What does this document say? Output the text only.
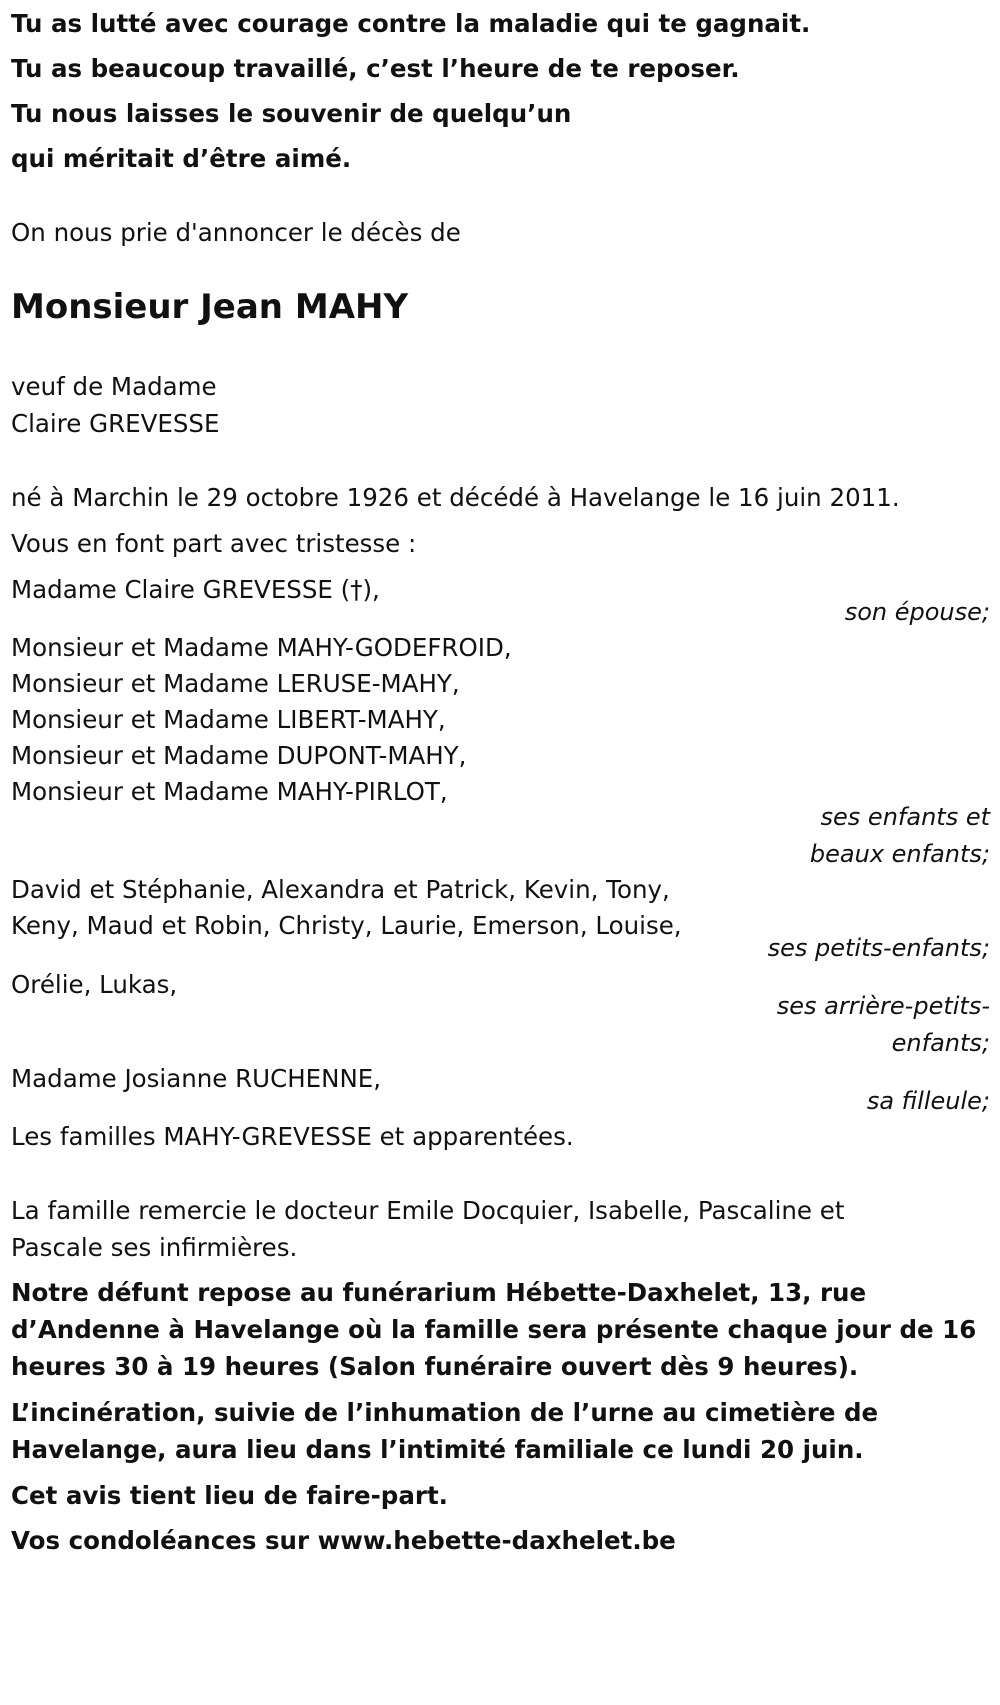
Tu as lutté avec courage contre la maladie qui te gagnait.
Tu as beaucoup travaillé, c’est l’heure de te reposer.
Tu nous laisses le souvenir de quelqu’un
qui méritait d’être aimé.
On nous prie d'annoncer le décès de
Monsieur Jean MAHY
veuf de Madame
Claire GREVESSE
né à Marchin le 29 octobre 1926 et décédé à Havelange le 16 juin 2011.
Vous en font part avec tristesse :
Madame Claire GREVESSE (†),
son épouse;
Monsieur et Madame MAHY-GODEFROID,
Monsieur et Madame LERUSE-MAHY,
Monsieur et Madame LIBERT-MAHY,
Monsieur et Madame DUPONT-MAHY,
Monsieur et Madame MAHY-PIRLOT,
ses enfants et
beaux enfants;
David et Stéphanie, Alexandra et Patrick, Kevin, Tony,
Keny, Maud et Robin, Christy, Laurie, Emerson, Louise,
ses petits-enfants;
Orélie, Lukas,
ses arrière-petits-
enfants;
Madame Josianne RUCHENNE,
sa filleule;
Les familles MAHY-GREVESSE et apparentées.
La famille remercie le docteur Emile Docquier, Isabelle, Pascaline et
Pascale ses infirmières.
Notre défunt repose au funérarium Hébette-Daxhelet, 13, rue
d’Andenne à Havelange où la famille sera présente chaque jour de 16
heures 30 à 19 heures (Salon funéraire ouvert dès 9 heures).
L’incinération, suivie de l’inhumation de l’urne au cimetière de
Havelange, aura lieu dans l’intimité familiale ce lundi 20 juin.
Cet avis tient lieu de faire-part.
Vos condoléances sur www.hebette-daxhelet.be
